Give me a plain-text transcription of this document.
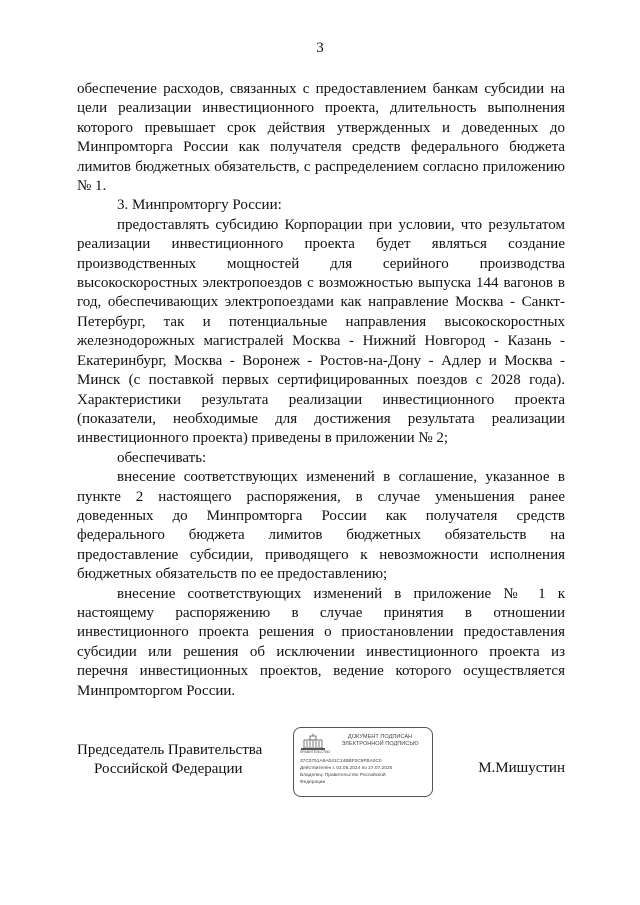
3

обеспечение расходов, связанных с предоставлением банкам субсидии на цели реализации инвестиционного проекта, длительность выполнения которого превышает срок действия утвержденных и доведенных до Минпромторга России как получателя средств федерального бюджета лимитов бюджетных обязательств, с распределением согласно приложению № 1.

3. Минпромторгу России:

предоставлять субсидию Корпорации при условии, что результатом реализации инвестиционного проекта будет являться создание производственных мощностей для серийного производства высокоскоростных электропоездов с возможностью выпуска 144 вагонов в год, обеспечивающих электропоездами как направление Москва - Санкт-Петербург, так и потенциальные направления высокоскоростных железнодорожных магистралей Москва - Нижний Новгород - Казань - Екатеринбург, Москва - Воронеж - Ростов-на-Дону - Адлер и Москва - Минск (с поставкой первых сертифицированных поездов с 2028 года). Характеристики результата реализации инвестиционного проекта (показатели, необходимые для достижения результата реализации инвестиционного проекта) приведены в приложении № 2;

обеспечивать:

внесение соответствующих изменений в соглашение, указанное в пункте 2 настоящего распоряжения, в случае уменьшения ранее доведенных до Минпромторга России как получателя средств федерального бюджета лимитов бюджетных обязательств на предоставление субсидии, приводящего к невозможности исполнения бюджетных обязательств по ее предоставлению;

внесение соответствующих изменений в приложение № 1 к настоящему распоряжению в случае принятия в отношении инвестиционного проекта решения о приостановлении предоставления субсидии или решения об исключении инвестиционного проекта из перечня инвестиционных проектов, ведение которого осуществляется Минпромторгом России.

Председатель Правительства
Российской Федерации
ПРАВИТЕЛЬСТВО
ДОКУМЕНТ ПОДПИСАН
ЭЛЕКТРОННОЙ ПОДПИСЬЮ
37C0751A9A041C14BBF0C9FBA0C0
Действителен с 03.05.2024 по 27.07.2025
Владелец: Правительство Российской
Федерации
М.Мишустин
